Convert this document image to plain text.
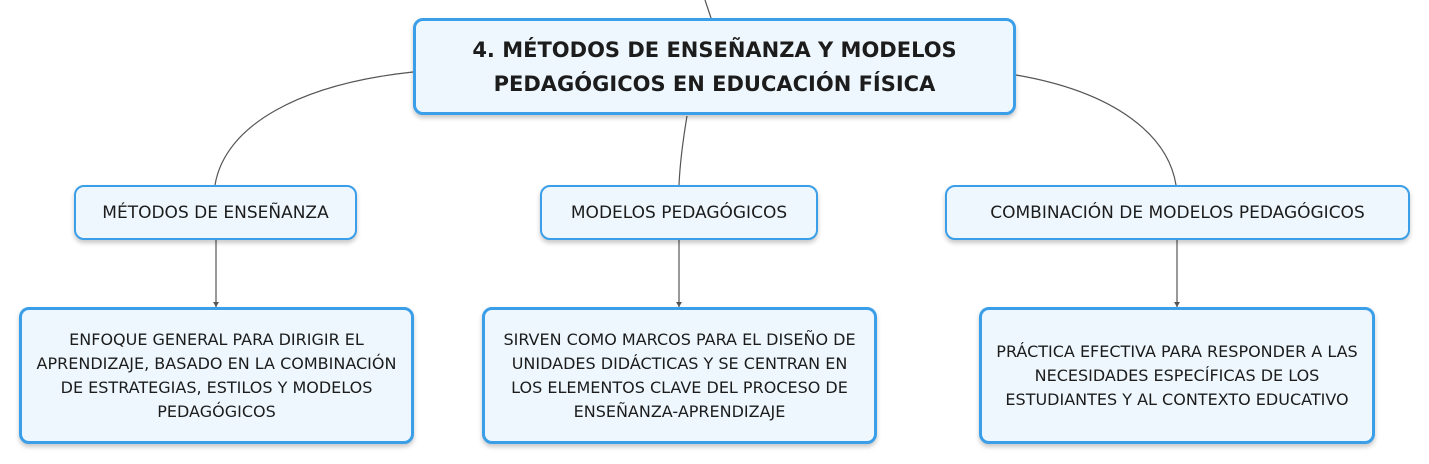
4. MÉTODOS DE ENSEÑANZA Y MODELOS PEDAGÓGICOS EN EDUCACIÓN FÍSICA
MÉTODOS DE ENSEÑANZA	MODELOS PEDAGÓGICOS	COMBINACIÓN DE MODELOS PEDAGÓGICOS
ENFOQUE GENERAL PARA DIRIGIR EL APRENDIZAJE, BASADO EN LA COMBINACIÓN DE ESTRATEGIAS, ESTILOS Y MODELOS PEDAGÓGICOS
SIRVEN COMO MARCOS PARA EL DISEÑO DE UNIDADES DIDÁCTICAS Y SE CENTRAN EN LOS ELEMENTOS CLAVE DEL PROCESO DE ENSEÑANZA-APRENDIZAJE
PRÁCTICA EFECTIVA PARA RESPONDER A LAS NECESIDADES ESPECÍFICAS DE LOS ESTUDIANTES Y AL CONTEXTO EDUCATIVO
